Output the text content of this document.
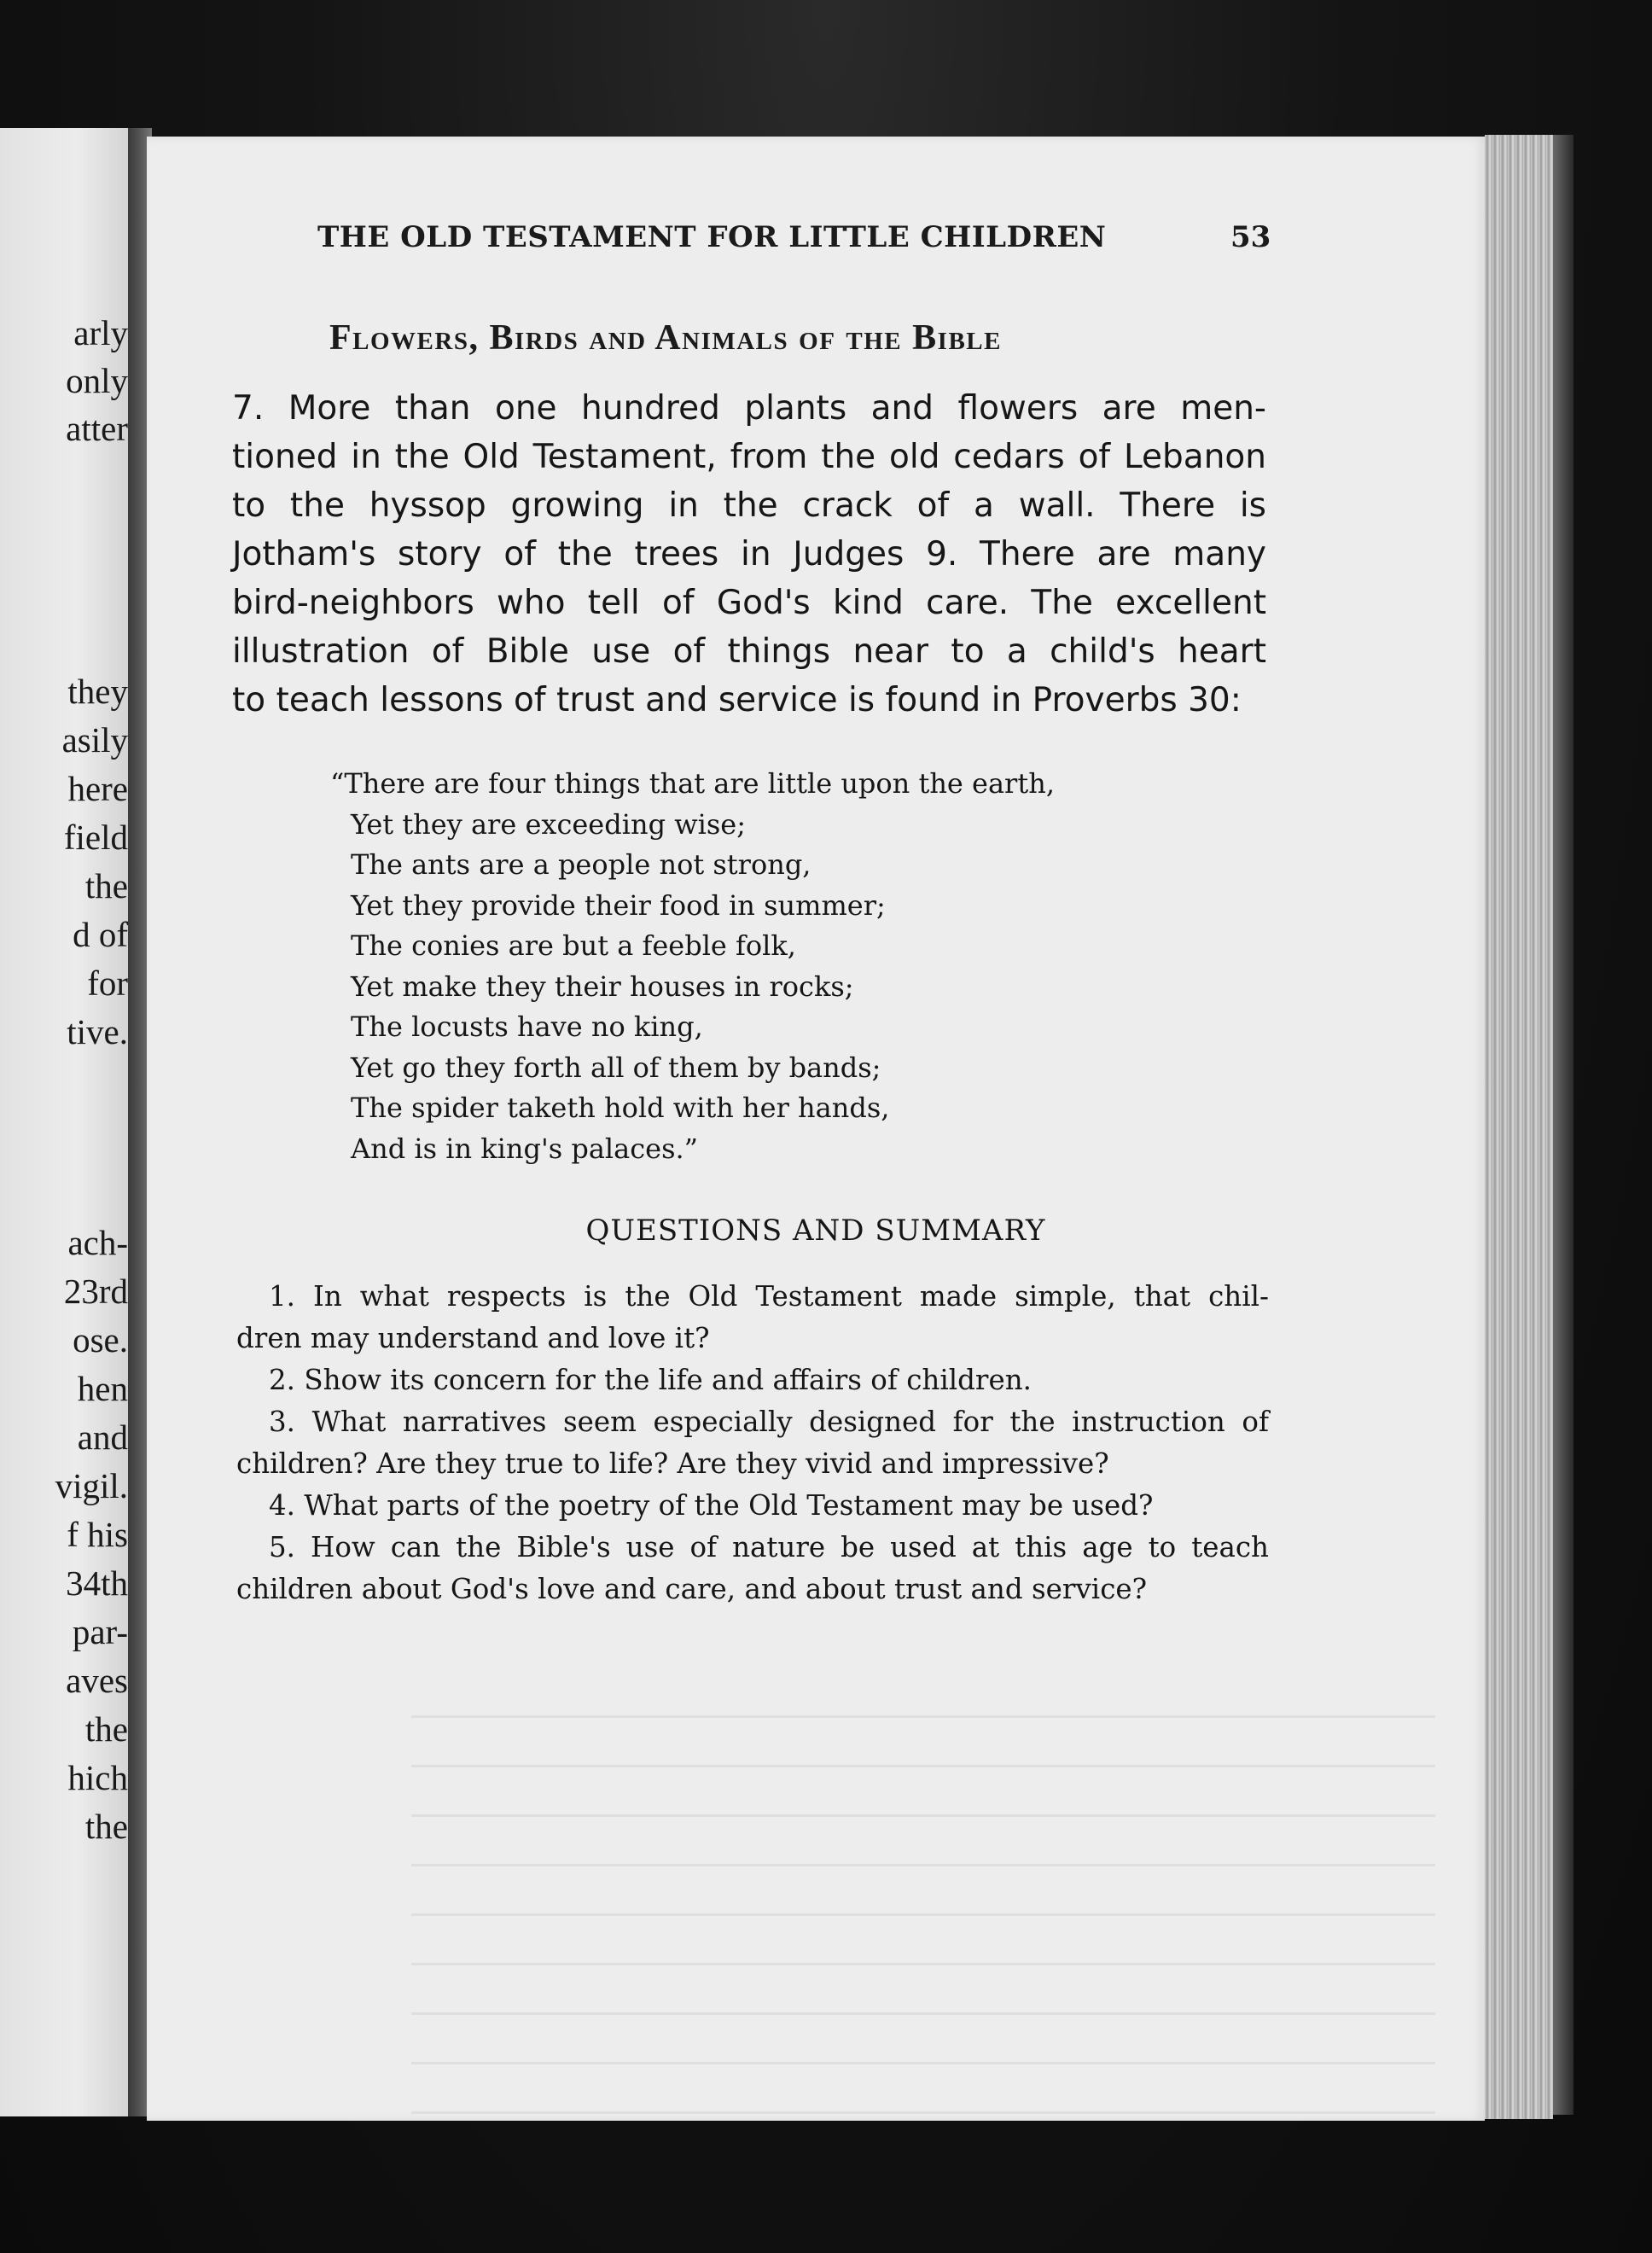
arly
only
atter
they
asily
here
field
the
d of
for
tive.
ach-
23rd
ose.
hen
and
vigil.
f his
34th
par-
aves
the
hich
the
THE OLD TESTAMENT FOR LITTLE CHILDREN	53
Flowers, Birds and Animals of the Bible
7. More than one hundred plants and flowers are men-
tioned in the Old Testament, from the old cedars of Lebanon
to the hyssop growing in the crack of a wall. There is
Jotham's story of the trees in Judges 9. There are many
bird-neighbors who tell of God's kind care. The excellent
illustration of Bible use of things near to a child's heart
to teach lessons of trust and service is found in Proverbs 30:
“There are four things that are little upon the earth,
Yet they are exceeding wise;
The ants are a people not strong,
Yet they provide their food in summer;
The conies are but a feeble folk,
Yet make they their houses in rocks;
The locusts have no king,
Yet go they forth all of them by bands;
The spider taketh hold with her hands,
And is in king's palaces.”
QUESTIONS AND SUMMARY
1. In what respects is the Old Testament made simple, that chil-
dren may understand and love it?
2. Show its concern for the life and affairs of children.
3. What narratives seem especially designed for the instruction of
children? Are they true to life? Are they vivid and impressive?
4. What parts of the poetry of the Old Testament may be used?
5. How can the Bible's use of nature be used at this age to teach
children about God's love and care, and about trust and service?
